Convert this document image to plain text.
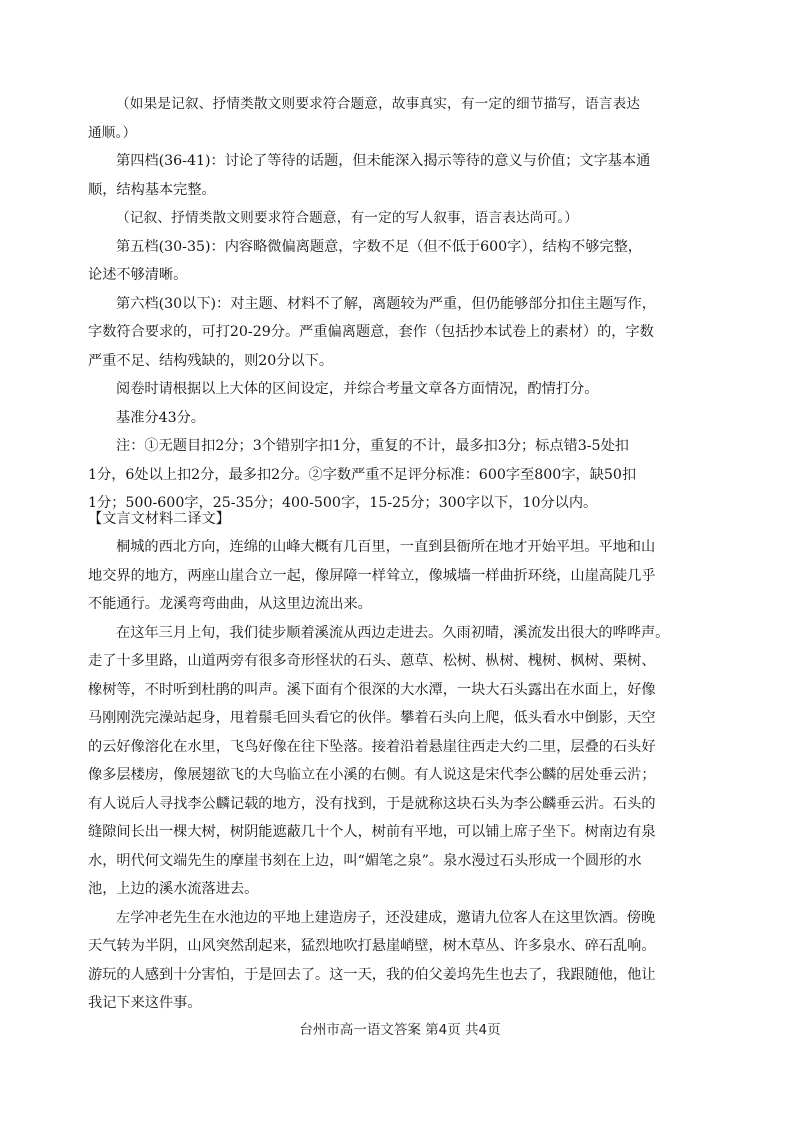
（如果是记叙、抒情类散文则要求符合题意，故事真实，有一定的细节描写，语言表达
通顺。）
第四档(36-41)：讨论了等待的话题，但未能深入揭示等待的意义与价值；文字基本通
顺，结构基本完整。
（记叙、抒情类散文则要求符合题意，有一定的写人叙事，语言表达尚可。）
第五档(30-35)：内容略微偏离题意，字数不足（但不低于600字），结构不够完整，
论述不够清晰。
第六档(30以下)：对主题、材料不了解，离题较为严重，但仍能够部分扣住主题写作，
字数符合要求的，可打20-29分。严重偏离题意，套作（包括抄本试卷上的素材）的，字数
严重不足、结构残缺的，则20分以下。
阅卷时请根据以上大体的区间设定，并综合考量文章各方面情况，酌情打分。
基准分43分。
注：①无题目扣2分；3个错别字扣1分，重复的不计，最多扣3分；标点错3-5处扣
1分，6处以上扣2分，最多扣2分。②字数严重不足评分标准：600字至800字，缺50扣
1分；500-600字，25-35分；400-500字，15-25分；300字以下，10分以内。
【文言文材料二译文】
桐城的西北方向，连绵的山峰大概有几百里，一直到县衙所在地才开始平坦。平地和山
地交界的地方，两座山崖合立一起，像屏障一样耸立，像城墙一样曲折环绕，山崖高陡几乎
不能通行。龙溪弯弯曲曲，从这里边流出来。
在这年三月上旬，我们徒步顺着溪流从西边走进去。久雨初晴，溪流发出很大的哗哗声。
走了十多里路，山道两旁有很多奇形怪状的石头、蒽草、松树、枞树、槐树、枫树、栗树、
橡树等，不时听到杜鹃的叫声。溪下面有个很深的大水潭，一块大石头露出在水面上，好像
马刚刚洗完澡站起身，甩着鬃毛回头看它的伙伴。攀着石头向上爬，低头看水中倒影，天空
的云好像溶化在水里，飞鸟好像在往下坠落。接着沿着悬崖往西走大约二里，层叠的石头好
像多层楼房，像展翅欲飞的大鸟临立在小溪的右侧。有人说这是宋代李公麟的居处垂云沜；
有人说后人寻找李公麟记载的地方，没有找到，于是就称这块石头为李公麟垂云沜。石头的
缝隙间长出一棵大树，树阴能遮蔽几十个人，树前有平地，可以铺上席子坐下。树南边有泉
水，明代何文端先生的摩崖书刻在上边，叫“媚笔之泉”。泉水漫过石头形成一个圆形的水
池，上边的溪水流落进去。
左学冲老先生在水池边的平地上建造房子，还没建成，邀请九位客人在这里饮酒。傍晚
天气转为半阴，山风突然刮起来，猛烈地吹打悬崖峭壁，树木草丛、许多泉水、碎石乱响。
游玩的人感到十分害怕，于是回去了。这一天，我的伯父姜坞先生也去了，我跟随他，他让
我记下来这件事。
台州市高一语文答案 第4页 共4页
